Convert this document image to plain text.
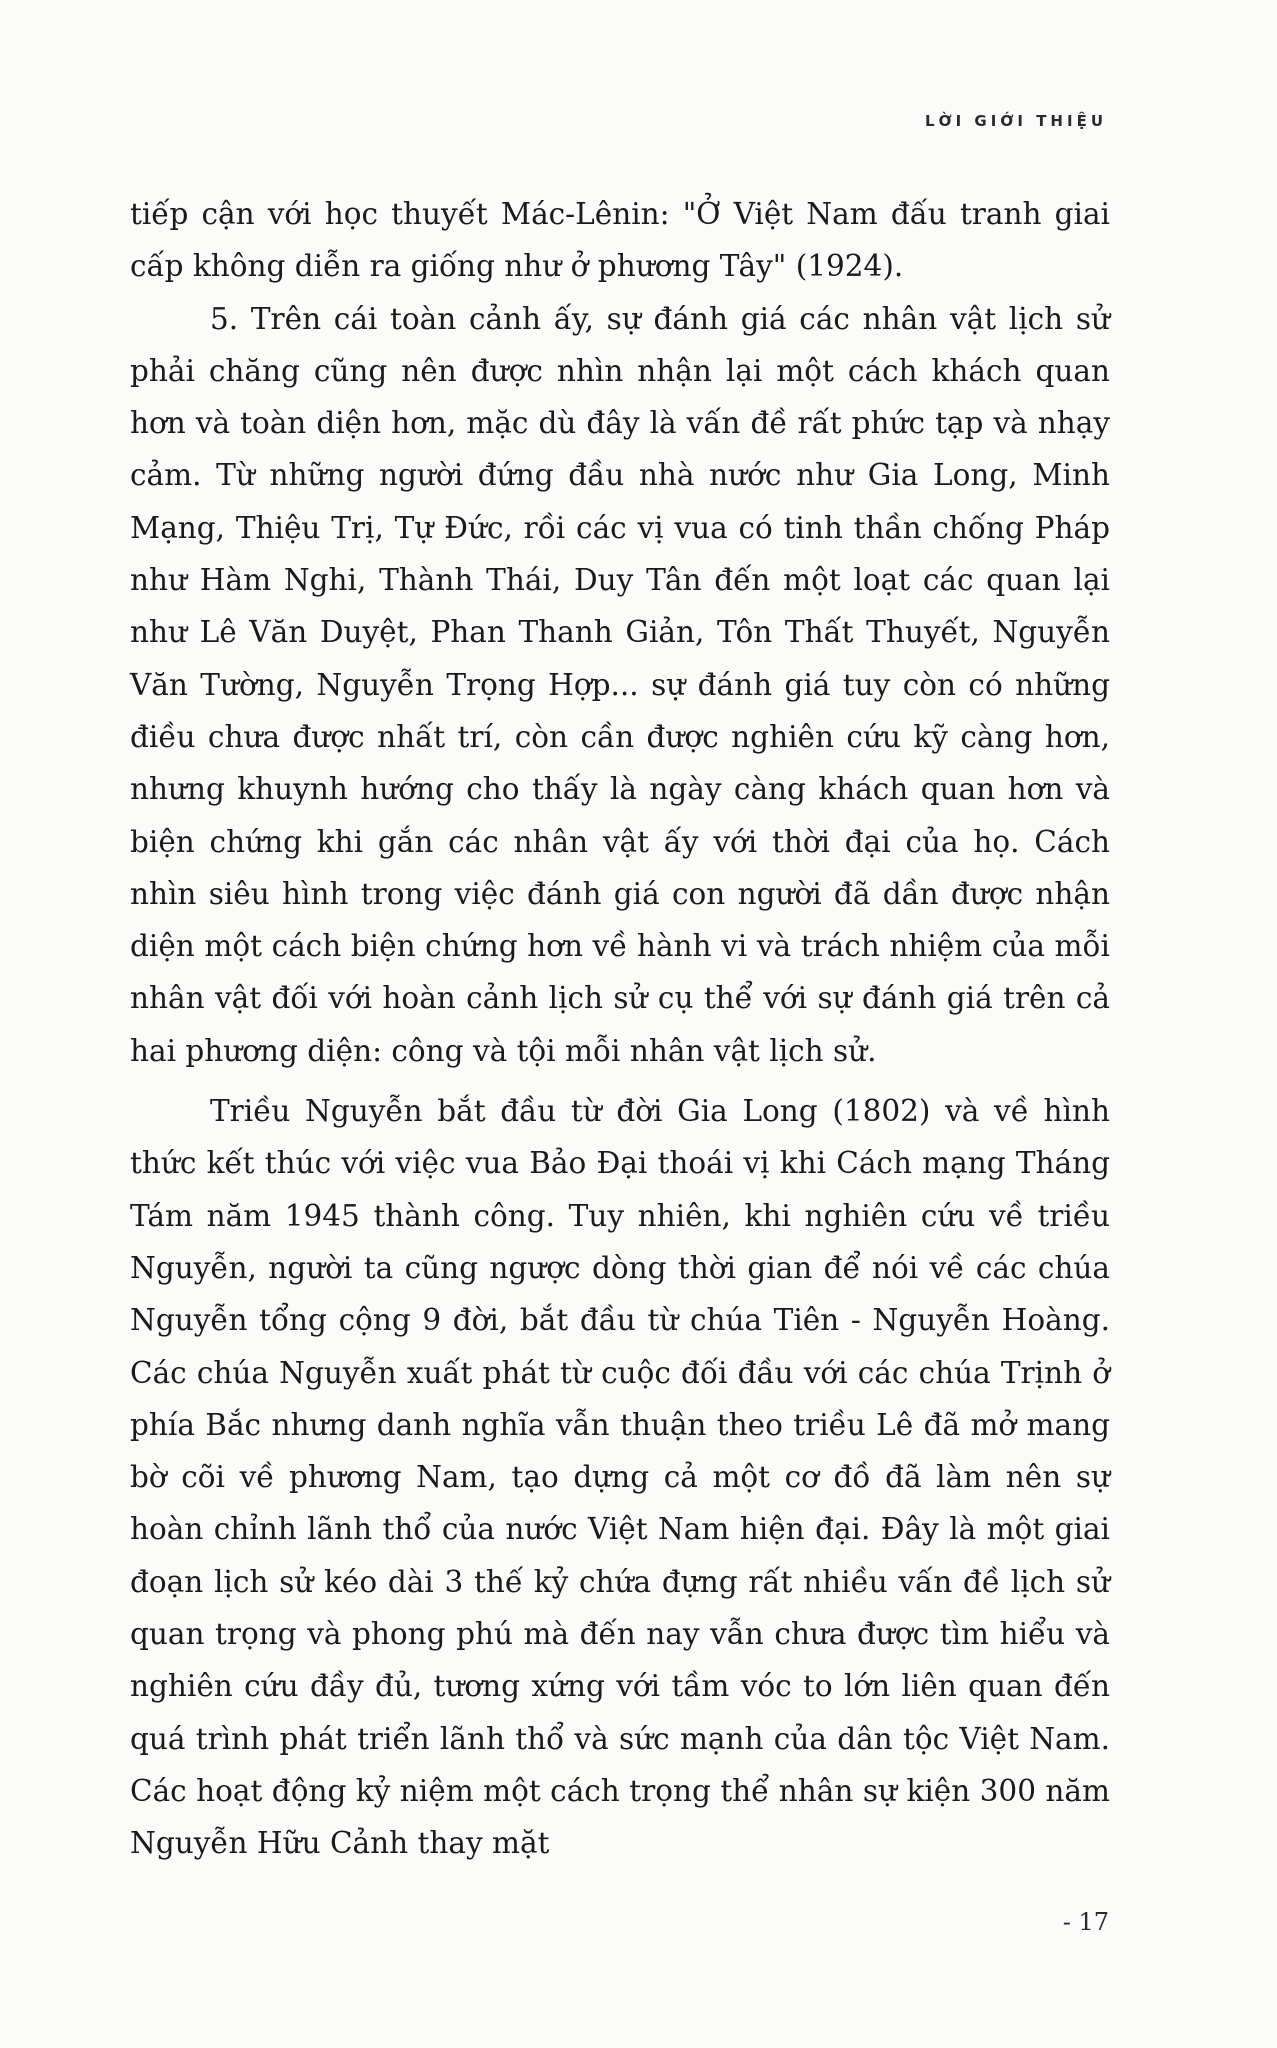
LỜI GIỚI THIỆU

tiếp cận với học thuyết Mác-Lênin: "Ở Việt Nam đấu tranh giai cấp không diễn ra giống như ở phương Tây" (1924).

5. Trên cái toàn cảnh ấy, sự đánh giá các nhân vật lịch sử phải chăng cũng nên được nhìn nhận lại một cách khách quan hơn và toàn diện hơn, mặc dù đây là vấn đề rất phức tạp và nhạy cảm. Từ những người đứng đầu nhà nước như Gia Long, Minh Mạng, Thiệu Trị, Tự Đức, rồi các vị vua có tinh thần chống Pháp như Hàm Nghi, Thành Thái, Duy Tân đến một loạt các quan lại như Lê Văn Duyệt, Phan Thanh Giản, Tôn Thất Thuyết, Nguyễn Văn Tường, Nguyễn Trọng Hợp... sự đánh giá tuy còn có những điều chưa được nhất trí, còn cần được nghiên cứu kỹ càng hơn, nhưng khuynh hướng cho thấy là ngày càng khách quan hơn và biện chứng khi gắn các nhân vật ấy với thời đại của họ. Cách nhìn siêu hình trong việc đánh giá con người đã dần được nhận diện một cách biện chứng hơn về hành vi và trách nhiệm của mỗi nhân vật đối với hoàn cảnh lịch sử cụ thể với sự đánh giá trên cả hai phương diện: công và tội mỗi nhân vật lịch sử.

Triều Nguyễn bắt đầu từ đời Gia Long (1802) và về hình thức kết thúc với việc vua Bảo Đại thoái vị khi Cách mạng Tháng Tám năm 1945 thành công. Tuy nhiên, khi nghiên cứu về triều Nguyễn, người ta cũng ngược dòng thời gian để nói về các chúa Nguyễn tổng cộng 9 đời, bắt đầu từ chúa Tiên - Nguyễn Hoàng. Các chúa Nguyễn xuất phát từ cuộc đối đầu với các chúa Trịnh ở phía Bắc nhưng danh nghĩa vẫn thuận theo triều Lê đã mở mang bờ cõi về phương Nam, tạo dựng cả một cơ đồ đã làm nên sự hoàn chỉnh lãnh thổ của nước Việt Nam hiện đại. Đây là một giai đoạn lịch sử kéo dài 3 thế kỷ chứa đựng rất nhiều vấn đề lịch sử quan trọng và phong phú mà đến nay vẫn chưa được tìm hiểu và nghiên cứu đầy đủ, tương xứng với tầm vóc to lớn liên quan đến quá trình phát triển lãnh thổ và sức mạnh của dân tộc Việt Nam. Các hoạt động kỷ niệm một cách trọng thể nhân sự kiện 300 năm Nguyễn Hữu Cảnh thay mặt

- 17
